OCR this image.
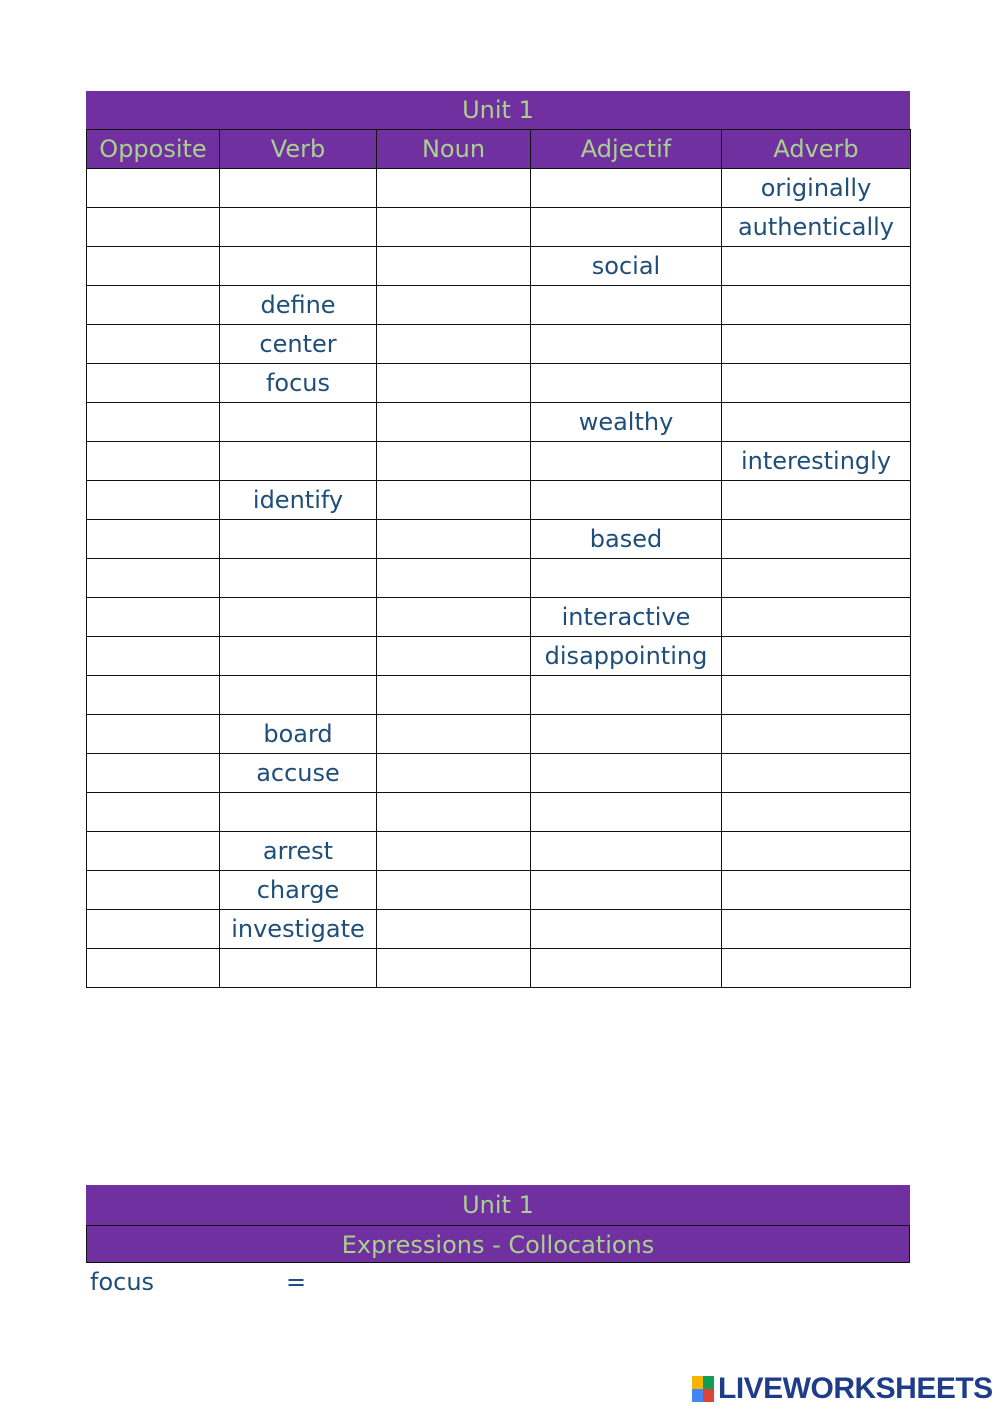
Unit 1
Opposite	Verb	Noun	Adjectif	Adverb
				originally
				authentically
			social	
	define			
	center			
	focus			
			wealthy	
				interestingly
	identify			
			based	

			interactive	
			disappointing	

	board			
	accuse			

	arrest			
	charge			
	investigate			

Unit 1
Expressions - Collocations
focus	=
LIVEWORKSHEETS
